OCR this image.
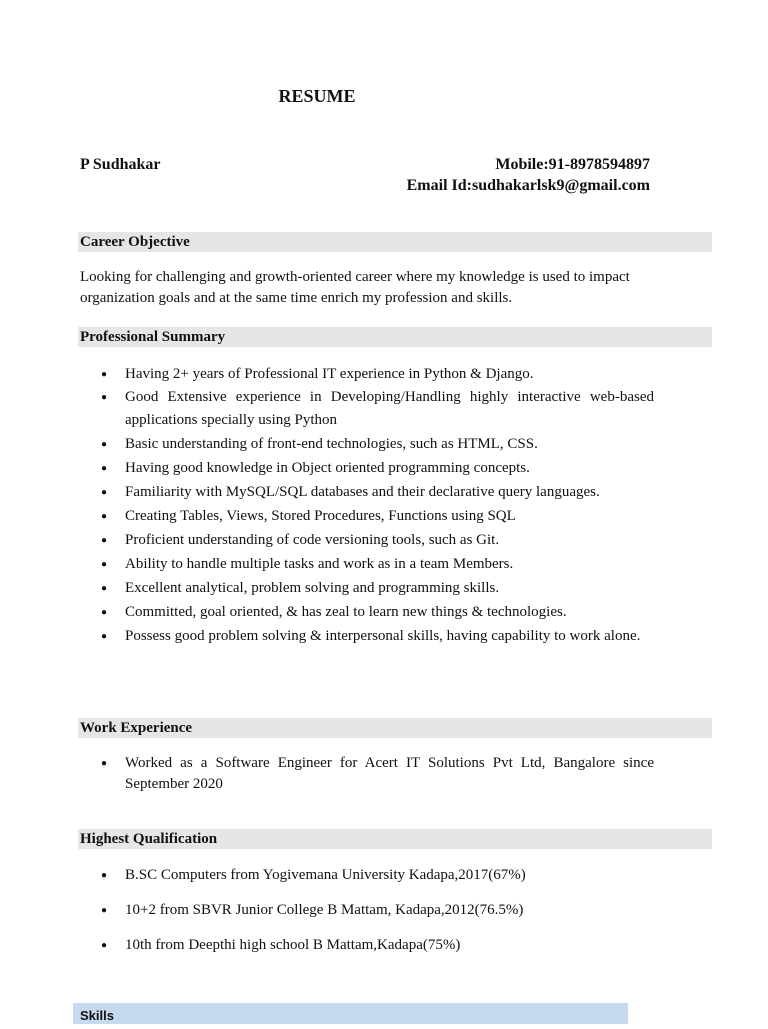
RESUME
P Sudhakar	Mobile:91-8978594897
Email Id:sudhakarlsk9@gmail.com
Career Objective
Looking for challenging and growth-oriented career where my knowledge is used to impact organization goals and at the same time enrich my profession and skills.
Professional Summary
● Having 2+ years of Professional IT experience in Python & Django.
● Good Extensive experience in Developing/Handling highly interactive web-based applications specially using Python
● Basic understanding of front-end technologies, such as HTML, CSS.
● Having good knowledge in Object oriented programming concepts.
● Familiarity with MySQL/SQL databases and their declarative query languages.
● Creating Tables, Views, Stored Procedures, Functions using SQL
● Proficient understanding of code versioning tools, such as Git.
● Ability to handle multiple tasks and work as in a team Members.
● Excellent analytical, problem solving and programming skills.
● Committed, goal oriented, & has zeal to learn new things & technologies.
● Possess good problem solving & interpersonal skills, having capability to work alone.
Work Experience
● Worked as a Software Engineer for Acert IT Solutions Pvt Ltd, Bangalore since September 2020
Highest Qualification
● B.SC Computers from Yogivemana University Kadapa,2017(67%)
● 10+2 from SBVR Junior College B Mattam, Kadapa,2012(76.5%)
● 10th from Deepthi high school B Mattam,Kadapa(75%)
Skills
